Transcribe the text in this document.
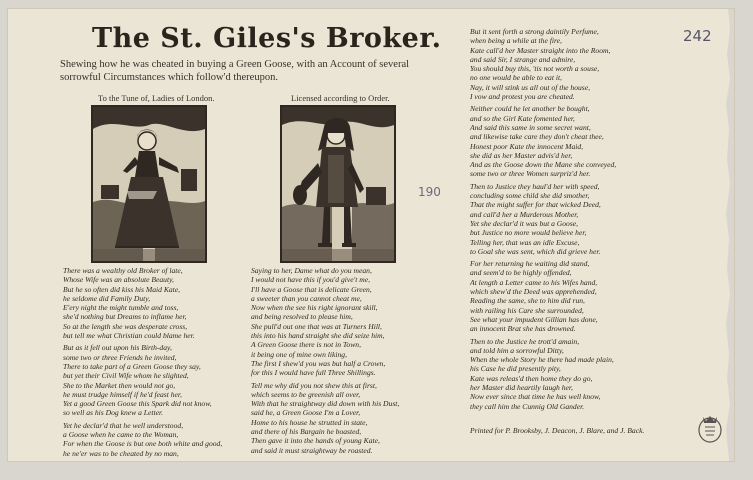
The St. Giles's Broker.
Shewing how he was cheated in buying a Green Goose, with an Account of several sorrowful Circumstances which follow'd thereupon.
To the Tune of, Ladies of London.	Licensed according to Order.
190
242
There was a wealthy old Broker of late,
Whose Wife was an absolute Beauty,
But he so often did kiss his Maid Kate,
he seldome did Family Duty,
E'ery night the might tumble and toss,
she'd nothing but Dreams to inflame her,
So at the length she was desperate cross,
but tell me what Christian could blame her.
But as it fell out upon his Birth-day,
some two or three Friends he invited,
There to take part of a Green Goose they say,
but yet their Civil Wife whom he slighted,
She to the Market then would not go,
he must trudge himself if he'd feast her,
Yet a good Green Goose this Spark did not know,
so well as his Dog knew a Letter.
Yet he declar'd that he well understood,
a Goose when he came to the Woman,
For when the Goose is but one both white and good,
he ne'er was to be cheated by no man,
Saying to her, Dame what do you mean,
I would not have this if you'd give't me,
I'll have a Goose that is delicate Green,
a sweeter than you cannot cheat me,
Now when the see his right ignorant skill,
and being resolved to please him,
She pull'd out one that was at Turners Hill,
this into his hand straight she did seize him,
A Green Goose there is not in Town,
it being one of mine own liking,
The first I shew'd you was but half a Crown,
for this I would have full Three Shillings.
Tell me why did you not shew this at first,
which seems to be greenish all over,
With that he straightway did down with his Dust,
said he, a Green Goose I'm a Lover,
Home to his house he strutted in state,
and there of his Bargain he boasted,
Then gave it into the hands of young Kate,
and said it must straightway be roasted.
But it sent forth a strong daintily Perfume,
when being a while at the fire,
Kate call'd her Master straight into the Room,
and said Sir, I strange and admire,
You should buy this, 'tis not worth a souse,
no one would be able to eat it,
Nay, it will stink us all out of the house,
I vow and protest you are cheated.
Neither could he let another be bought,
and so the Girl Kate fomented her,
And said this same in some secret want,
and likewise take care they don't cheat thee,
Honest poor Kate the innocent Maid,
she did as her Master advis'd her,
And as the Goose down the Mane she conveyed,
some two or three Women surpriz'd her.
Then to Justice they haul'd her with speed,
concluding some child she did smother,
That the might suffer for that wicked Deed,
and call'd her a Murderous Mother,
Yet she declar'd it was but a Goose,
but Justice no more would believe her,
Telling her, that was an idle Excuse,
to Goal she was sent, which did grieve her.
For her returning he waiting did stand,
and seem'd to be highly offended,
At length a Letter came to his Wifes hand,
which shew'd the Deed was apprehended,
Reading the same, she to him did run,
with railing his Care she surrounded,
See what your impudent Gillian has done,
an innocent Brat she has drowned.
Then to the Justice he trott'd amain,
and told him a sorrowful Ditty,
When the whole Story he there had made plain,
his Case he did presently pity,
Kate was releas'd then home they do go,
her Master did heartily laugh her,
Now ever since that time he has well know,
they call him the Cunnig Old Gander.
Printed for P. Brooksby, J. Deacon, J. Blare, and J. Back.
